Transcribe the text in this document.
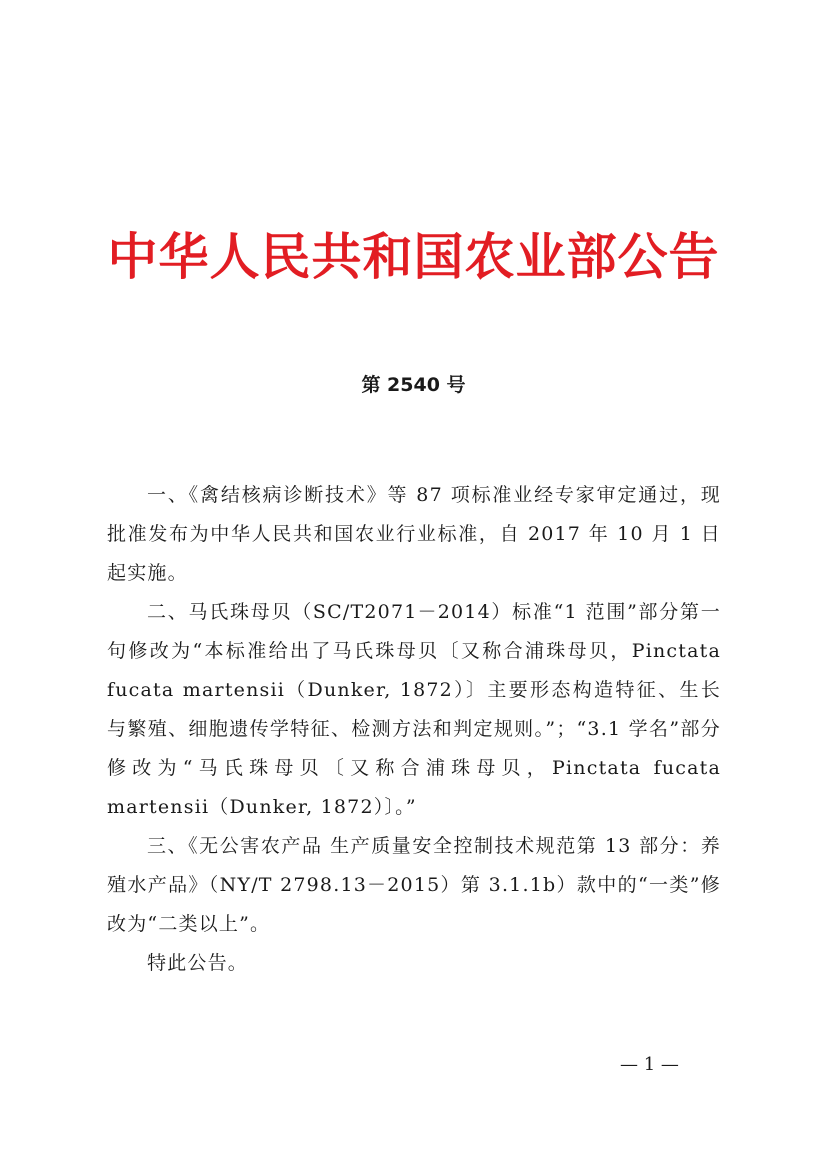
中华人民共和国农业部公告
第 2540 号

一、《禽结核病诊断技术》等 87 项标准业经专家审定通过，现批准发布为中华人民共和国农业行业标准，自 2017 年 10 月 1 日起实施。

二、马氏珠母贝（SC/T2071－2014）标准“1 范围”部分第一句修改为“本标准给出了马氏珠母贝〔又称合浦珠母贝，Pinctata fucata martensii（Dunker, 1872）〕主要形态构造特征、生长与繁殖、细胞遗传学特征、检测方法和判定规则。”；“3.1 学名”部分修改为“马氏珠母贝〔又称合浦珠母贝，Pinctata fucata martensii（Dunker, 1872）〕。”

三、《无公害农产品 生产质量安全控制技术规范第 13 部分：养殖水产品》（NY/T 2798.13－2015）第 3.1.1b）款中的“一类”修改为“二类以上”。

特此公告。

— 1 —
